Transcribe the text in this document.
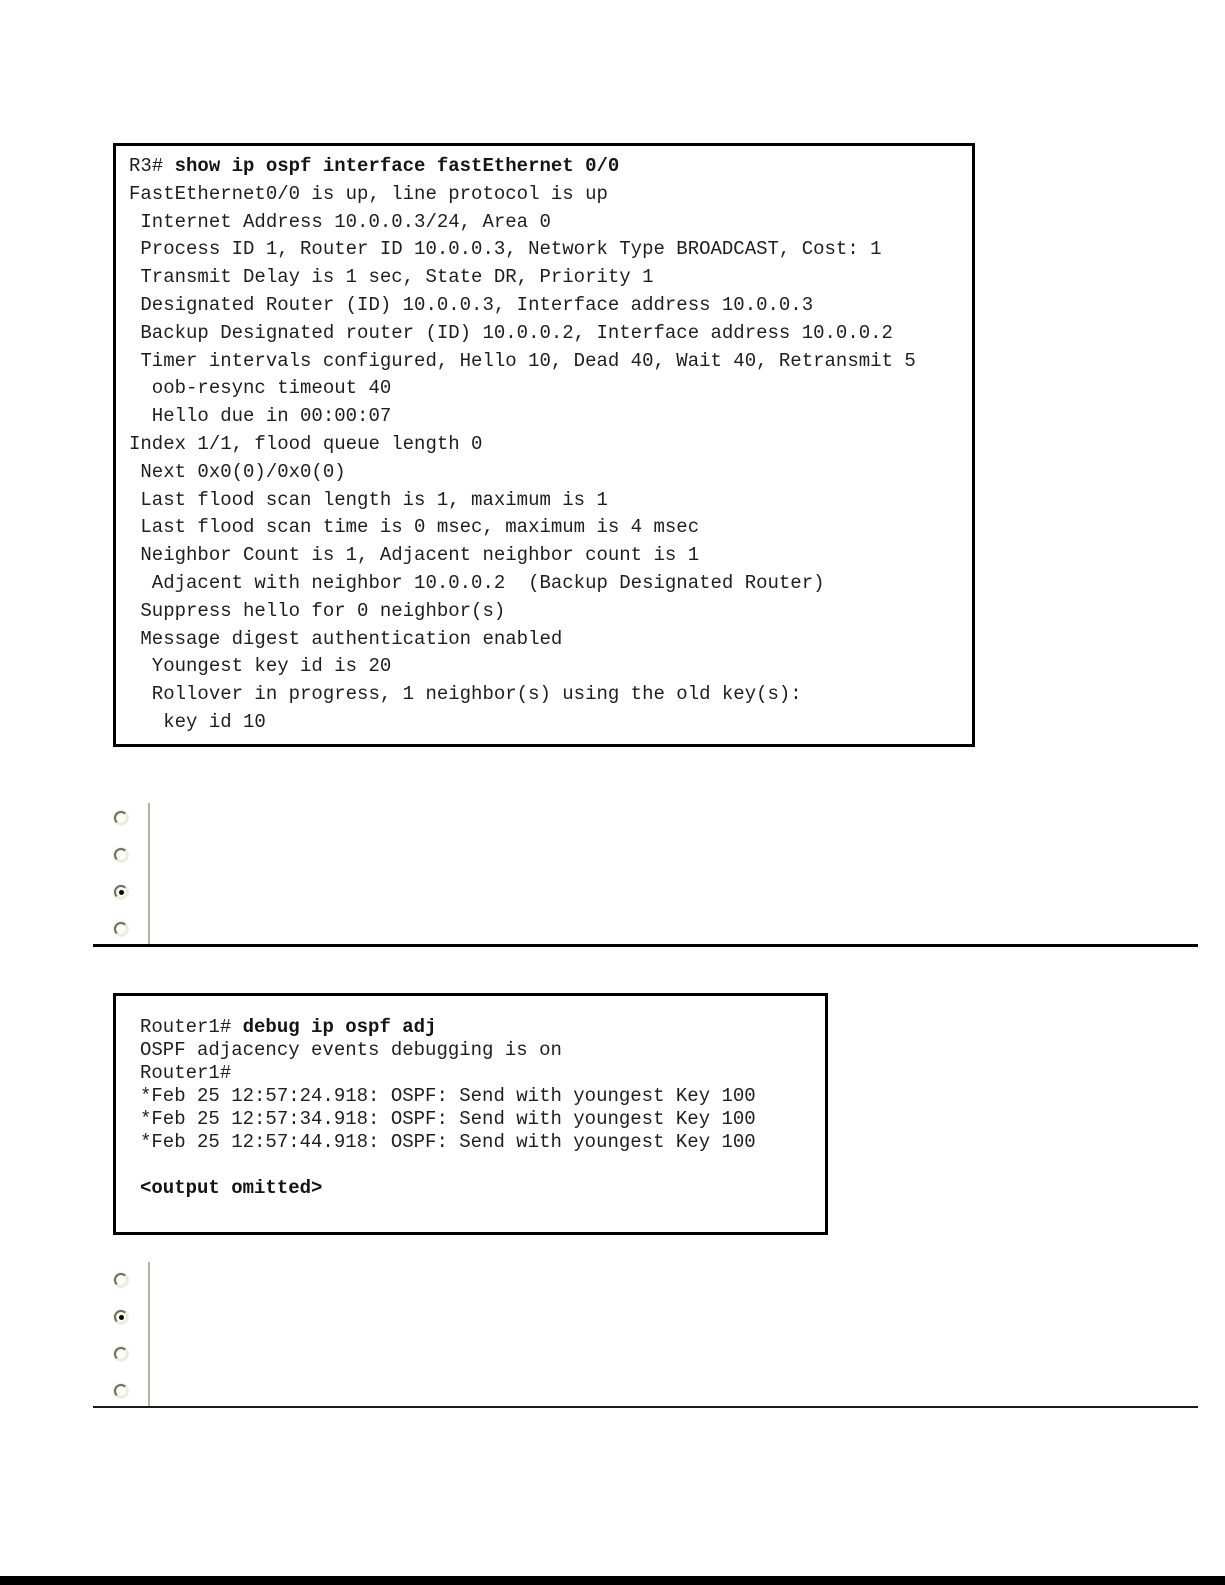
R3# show ip ospf interface fastEthernet 0/0
FastEthernet0/0 is up, line protocol is up
Internet Address 10.0.0.3/24, Area 0
Process ID 1, Router ID 10.0.0.3, Network Type BROADCAST, Cost: 1
Transmit Delay is 1 sec, State DR, Priority 1
Designated Router (ID) 10.0.0.3, Interface address 10.0.0.3
Backup Designated router (ID) 10.0.0.2, Interface address 10.0.0.2
Timer intervals configured, Hello 10, Dead 40, Wait 40, Retransmit 5
oob-resync timeout 40
Hello due in 00:00:07
Index 1/1, flood queue length 0
Next 0x0(0)/0x0(0)
Last flood scan length is 1, maximum is 1
Last flood scan time is 0 msec, maximum is 4 msec
Neighbor Count is 1, Adjacent neighbor count is 1
Adjacent with neighbor 10.0.0.2  (Backup Designated Router)
Suppress hello for 0 neighbor(s)
Message digest authentication enabled
Youngest key id is 20
Rollover in progress, 1 neighbor(s) using the old key(s):
key id 10
Router1# debug ip ospf adj
OSPF adjacency events debugging is on
Router1#
*Feb 25 12:57:24.918: OSPF: Send with youngest Key 100
*Feb 25 12:57:34.918: OSPF: Send with youngest Key 100
*Feb 25 12:57:44.918: OSPF: Send with youngest Key 100

<output omitted>
